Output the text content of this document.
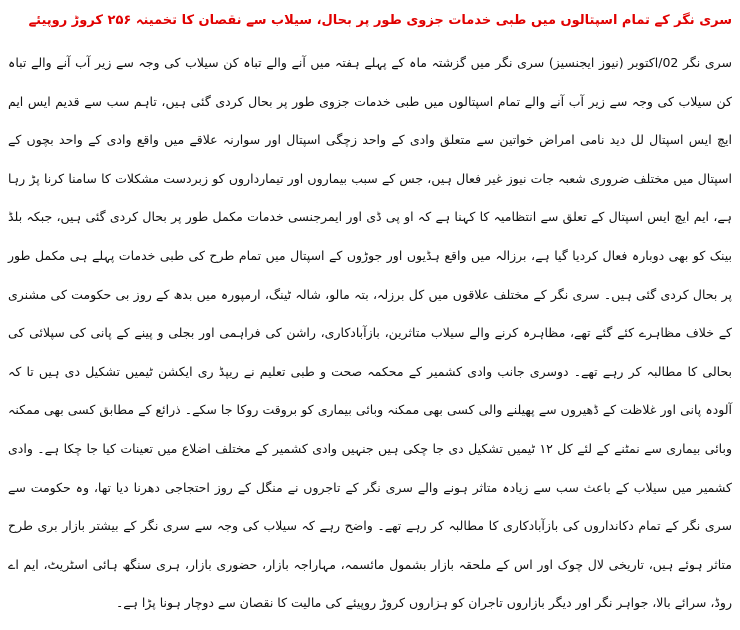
سری نگر کے تمام اسپتالوں میں طبی خدمات جزوی طور پر بحال، سیلاب سے نقصان کا تخمینہ ۲۵۶ کروڑ روپیئے

سری نگر 02/اکتوبر (نیوز ایجنسیز) سری نگر میں گزشتہ ماہ کے پہلے ہفتہ میں آنے والے تباہ کن سیلاب کی وجہ سے زیر آب آنے والے تباہ کن سیلاب کی وجہ سے زیر آب آنے والے تمام اسپتالوں میں طبی خدمات جزوی طور پر بحال کردی گئی ہیں، تاہم سب سے قدیم ایس ایم ایچ ایس اسپتال لل دید نامی امراض خواتین سے متعلق وادی کے واحد زچگی اسپتال اور سوارنہ علاقے میں واقع وادی کے واحد بچوں کے اسپتال میں مختلف ضروری شعبہ جات نیوز غیر فعال ہیں، جس کے سبب بیماروں اور تیمارداروں کو زبردست مشکلات کا سامنا کرنا پڑ رہا ہے، ایم ایچ ایس اسپتال کے تعلق سے انتظامیہ کا کہنا ہے کہ او پی ڈی اور ایمرجنسی خدمات مکمل طور پر بحال کردی گئی ہیں، جبکہ بلڈ بینک کو بھی دوبارہ فعال کردیا گیا ہے، برزالہ میں واقع ہڈیوں اور جوڑوں کے اسپتال میں تمام طرح کی طبی خدمات پہلے ہی مکمل طور پر بحال کردی گئی ہیں۔ سری نگر کے مختلف علاقوں میں کل برزلہ، بتہ مالو، شالہ ٹینگ، ارمپورہ میں بدھ کے روز بی حکومت کی مشنری کے خلاف مظاہرے کئے گئے تھے، مظاہرہ کرنے والے سیلاب متاثرین، بازآبادکاری، راشن کی فراہمی اور بجلی و پینے کے پانی کی سپلائی کی بحالی کا مطالبہ کر رہے تھے۔ دوسری جانب وادی کشمیر کے محکمہ صحت و طبی تعلیم نے ریپڈ ری ایکشن ٹیمیں تشکیل دی ہیں تا کہ آلودہ پانی اور غلاظت کے ڈھیروں سے پھیلنے والی کسی بھی ممکنہ وبائی بیماری کو بروقت روکا جا سکے۔ ذرائع کے مطابق کسی بھی ممکنہ وبائی بیماری سے نمٹنے کے لئے کل ۱۲ ٹیمیں تشکیل دی جا چکی ہیں جنہیں وادی کشمیر کے مختلف اضلاع میں تعینات کیا جا چکا ہے۔ وادی کشمیر میں سیلاب کے باعث سب سے زیادہ متاثر ہونے والے سری نگر کے تاجروں نے منگل کے روز احتجاجی دھرنا دیا تھا، وہ حکومت سے سری نگر کے تمام دکانداروں کی بازآبادکاری کا مطالبہ کر رہے تھے۔ واضح رہے کہ سیلاب کی وجہ سے سری نگر کے بیشتر بازار بری طرح متاثر ہوئے ہیں، تاریخی لال چوک اور اس کے ملحقہ بازار بشمول مائسمہ، مہاراجہ بازار، حضوری بازار، ہری سنگھ ہائی اسٹریٹ، ایم اے روڈ، سرائے بالا، جواہر نگر اور دیگر بازاروں تاجران کو ہزاروں کروڑ روپیئے کی مالیت کا نقصان سے دوچار ہونا پڑا ہے۔
